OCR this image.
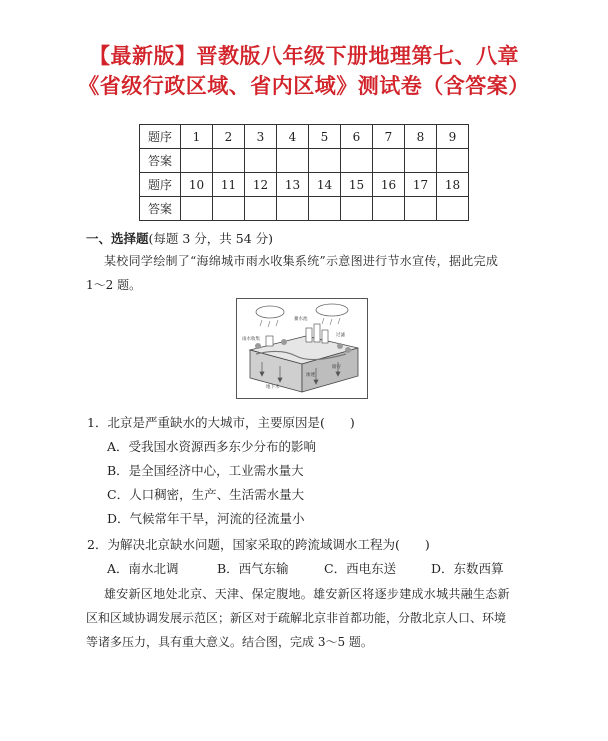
【最新版】晋教版八年级下册地理第七、八章
《省级行政区域、省内区域》测试卷（含答案）
题序	1	2	3	4	5	6	7	8	9
答案									
题序	10	11	12	13	14	15	16	17	18
答案									
一、选择题(每题 3 分，共 54 分)
某校同学绘制了“海绵城市雨水收集系统”示意图进行节水宣传，据此完成
1～2 题。
雨水收集
蓄水池
过滤
地下水
渗透
储存
1．北京是严重缺水的大城市，主要原因是(　　)
A．受我国水资源西多东少分布的影响
B．是全国经济中心，工业需水量大
C．人口稠密，生产、生活需水量大
D．气候常年干旱，河流的径流量小
2．为解决北京缺水问题，国家采取的跨流域调水工程为(　　)
A．南水北调	B．西气东输	C．西电东送	D．东数西算
雄安新区地处北京、天津、保定腹地。雄安新区将逐步建成水城共融生态新
区和区域协调发展示范区；新区对于疏解北京非首都功能，分散北京人口、环境
等诸多压力，具有重大意义。结合图，完成 3～5 题。
